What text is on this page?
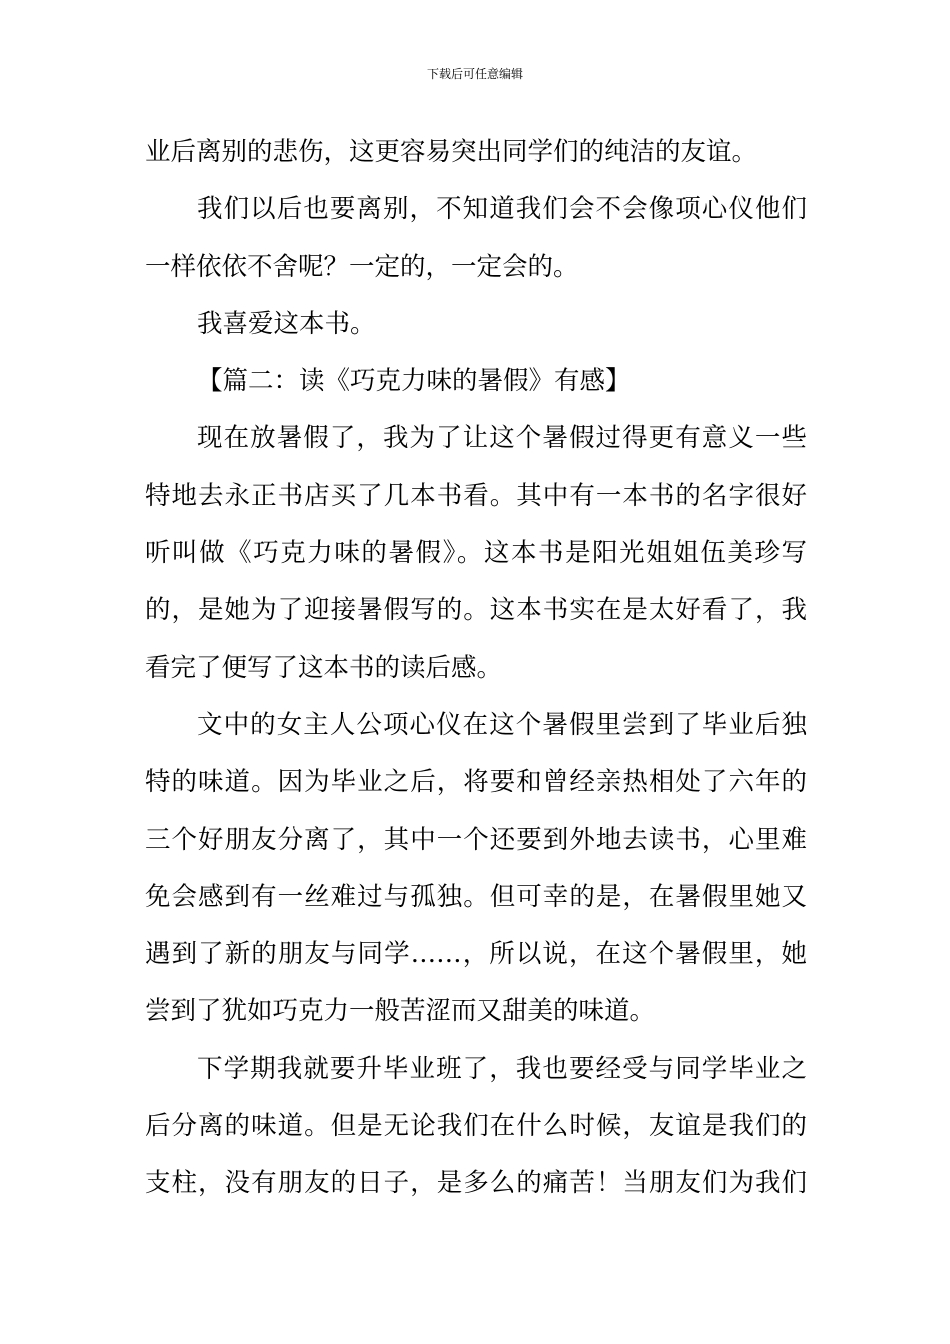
下载后可任意编辑
业后离别的悲伤，这更容易突出同学们的纯洁的友谊。
我们以后也要离别，不知道我们会不会像项心仪他们
一样依依不舍呢？一定的，一定会的。
我喜爱这本书。
【篇二：读《巧克力味的暑假》有感】
现在放暑假了，我为了让这个暑假过得更有意义一些
特地去永正书店买了几本书看。其中有一本书的名字很好
听叫做《巧克力味的暑假》。这本书是阳光姐姐伍美珍写
的，是她为了迎接暑假写的。这本书实在是太好看了，我
看完了便写了这本书的读后感。
文中的女主人公项心仪在这个暑假里尝到了毕业后独
特的味道。因为毕业之后，将要和曾经亲热相处了六年的
三个好朋友分离了，其中一个还要到外地去读书，心里难
免会感到有一丝难过与孤独。但可幸的是，在暑假里她又
遇到了新的朋友与同学……，所以说，在这个暑假里，她
尝到了犹如巧克力一般苦涩而又甜美的味道。
下学期我就要升毕业班了，我也要经受与同学毕业之
后分离的味道。但是无论我们在什么时候，友谊是我们的
支柱，没有朋友的日子，是多么的痛苦！当朋友们为我们
